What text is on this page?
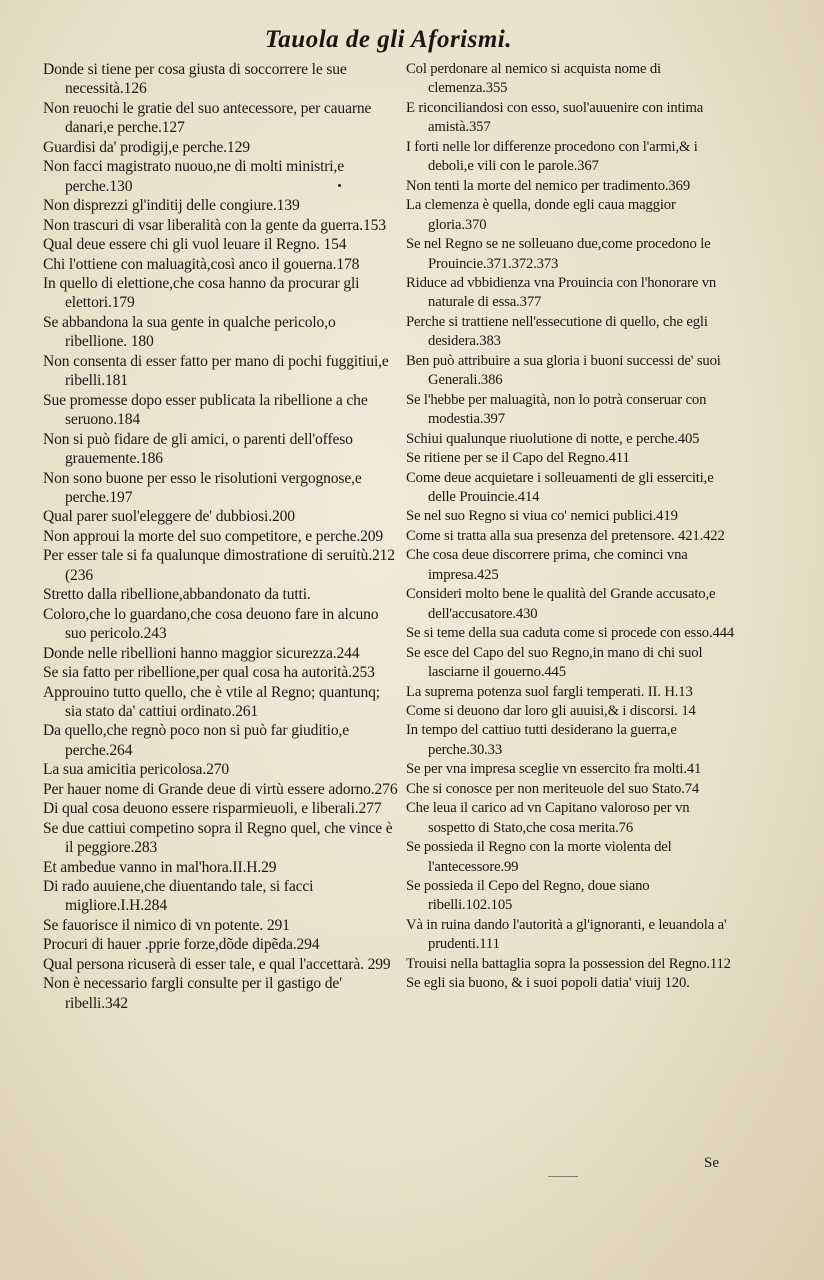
Tauola de gli Aforismi.

Donde si tiene per cosa giusta di soccorrere le sue necessità.126

Non reuochi le gratie del suo antecessore, per cauarne danari,e perche.127

Guardisi da' prodigij,e perche.129

Non facci magistrato nuouo,ne di molti ministri,e perche.130

Non disprezzi gl'inditij delle congiure.139

Non trascuri di vsar liberalità con la gente da guerra.153

Qual deue essere chi gli vuol leuare il Regno. 154

Chi l'ottiene con maluagità,così anco il gouerna.178

In quello di elettione,che cosa hanno da procurar gli elettori.179

Se abbandona la sua gente in qualche pericolo,o ribellione. 180

Non consenta di esser fatto per mano di pochi fuggitiui,e ribelli.181

Sue promesse dopo esser publicata la ribellione a che seruono.184

Non si può fidare de gli amici, o parenti dell'offeso grauemente.186

Non sono buone per esso le risolutioni vergognose,e perche.197

Qual parer suol'eleggere de' dubbiosi.200

Non approui la morte del suo competitore, e perche.209

Per esser tale si fa qualunque dimostratione di seruitù.212 (236

Stretto dalla ribellione,abbandonato da tutti.

Coloro,che lo guardano,che cosa deuono fare in alcuno suo pericolo.243

Donde nelle ribellioni hanno maggior sicurezza.244

Se sia fatto per ribellione,per qual cosa ha autorità.253

Approuino tutto quello, che è vtile al Regno; quantunq; sia stato da' cattiui ordinato.261

Da quello,che regnò poco non si può far giuditio,e perche.264

La sua amicitia pericolosa.270

Per hauer nome di Grande deue di virtù essere adorno.276

Di qual cosa deuono essere risparmieuoli, e liberali.277

Se due cattiui competino sopra il Regno quel, che vince è il peggiore.283

Et ambedue vanno in mal'hora.II.H.29

Di rado auuiene,che diuentando tale, si facci migliore.I.H.284

Se fauorisce il nimico di vn potente. 291

Procuri di hauer .pprie forze,dõde dipẽda.294

Qual persona ricuserà di esser tale, e qual l'accettarà. 299

Non è necessario fargli consulte per il gastigo de' ribelli.342

Col perdonare al nemico si acquista nome di clemenza.355

E riconciliandosi con esso, suol'auuenire con intima amistà.357

I forti nelle lor differenze procedono con l'armi,& i deboli,e vili con le parole.367

Non tenti la morte del nemico per tradimento.369

La clemenza è quella, donde egli caua maggior gloria.370

Se nel Regno se ne solleuano due,come procedono le Prouincie.371.372.373

Riduce ad vbbidienza vna Prouincia con l'honorare vn naturale di essa.377

Perche si trattiene nell'essecutione di quello, che egli desidera.383

Ben può attribuire a sua gloria i buoni successi de' suoi Generali.386

Se l'hebbe per maluagità, non lo potrà conseruar con modestia.397

Schiui qualunque riuolutione di notte, e perche.405

Se ritiene per se il Capo del Regno.411

Come deue acquietare i solleuamenti de gli esserciti,e delle Prouincie.414

Se nel suo Regno si viua co' nemici publici.419

Come si tratta alla sua presenza del pretensore. 421.422

Che cosa deue discorrere prima, che cominci vna impresa.425

Consideri molto bene le qualità del Grande accusato,e dell'accusatore.430

Se si teme della sua caduta come si procede con esso.444

Se esce del Capo del suo Regno,in mano di chi suol lasciarne il gouerno.445

La suprema potenza suol fargli temperati. II. H.13

Come si deuono dar loro gli auuisi,& i discorsi. 14

In tempo del cattiuo tutti desiderano la guerra,e perche.30.33

Se per vna impresa sceglie vn essercito fra molti.41

Che si conosce per non meriteuole del suo Stato.74

Che leua il carico ad vn Capitano valoroso per vn sospetto di Stato,che cosa merita.76

Se possieda il Regno con la morte violenta del l'antecessore.99

Se possieda il Cepo del Regno, doue siano ribelli.102.105

Và in ruina dando l'autorità a gl'ignoranti, e leuandola a' prudenti.111

Trouisi nella battaglia sopra la possession del Regno.112

Se egli sia buono, & i suoi popoli datia' viuij 120.

Se
